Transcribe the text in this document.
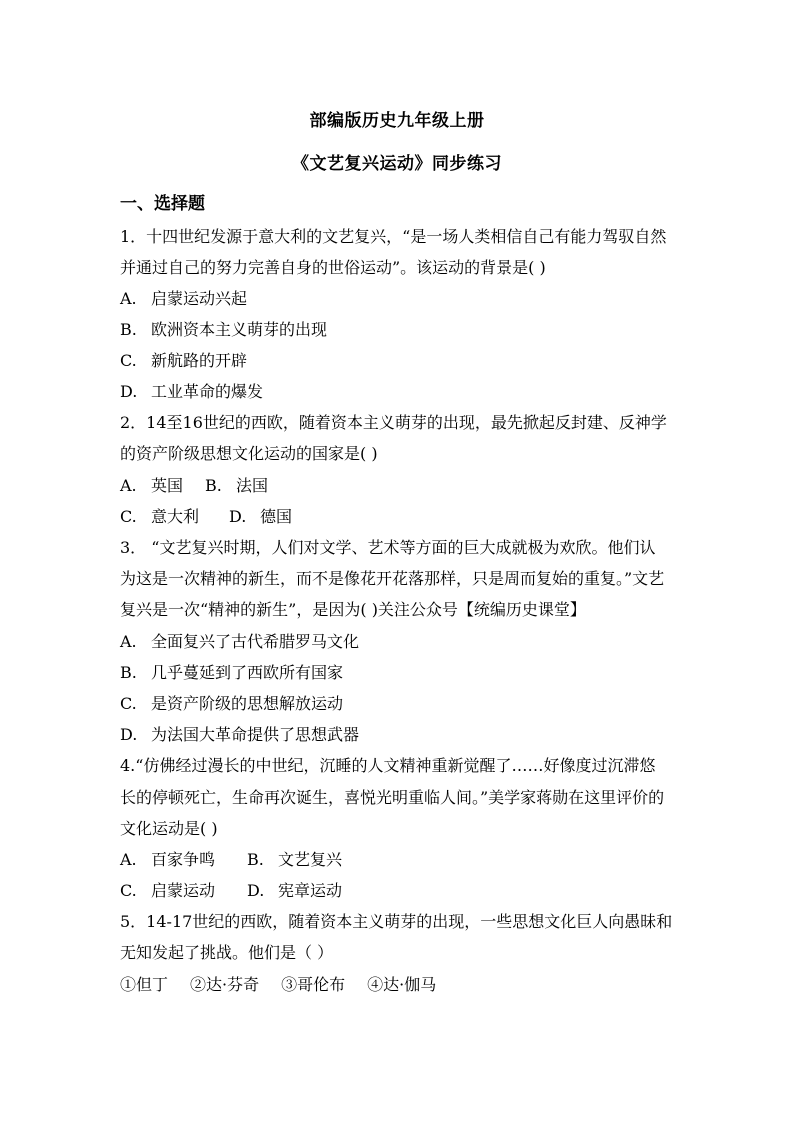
部编版历史九年级上册
《文艺复兴运动》同步练习
一、选择题
1．十四世纪发源于意大利的文艺复兴，“是一场人类相信自己有能力驾驭自然
并通过自己的努力完善自身的世俗运动”。该运动的背景是( )
A. 启蒙运动兴起
B. 欧洲资本主义萌芽的出现
C. 新航路的开辟
D. 工业革命的爆发
2．14至16世纪的西欧，随着资本主义萌芽的出现，最先掀起反封建、反神学
的资产阶级思想文化运动的国家是( )
A. 英国 B. 法国
C. 意大利 D. 德国
3． “文艺复兴时期，人们对文学、艺术等方面的巨大成就极为欢欣。他们认
为这是一次精神的新生，而不是像花开花落那样，只是周而复始的重复。”文艺
复兴是一次“精神的新生”，是因为( )关注公众号【统编历史课堂】
A. 全面复兴了古代希腊罗马文化
B. 几乎蔓延到了西欧所有国家
C. 是资产阶级的思想解放运动
D. 为法国大革命提供了思想武器
4.“仿佛经过漫长的中世纪，沉睡的人文精神重新觉醒了……好像度过沉滞悠
长的停顿死亡，生命再次诞生，喜悦光明重临人间。”美学家蒋勋在这里评价的
文化运动是( )
A. 百家争鸣 B. 文艺复兴
C. 启蒙运动 D. 宪章运动
5．14-17世纪的西欧，随着资本主义萌芽的出现，一些思想文化巨人向愚昧和
无知发起了挑战。他们是（ ）
①但丁 ②达·芬奇 ③哥伦布 ④达·伽马
